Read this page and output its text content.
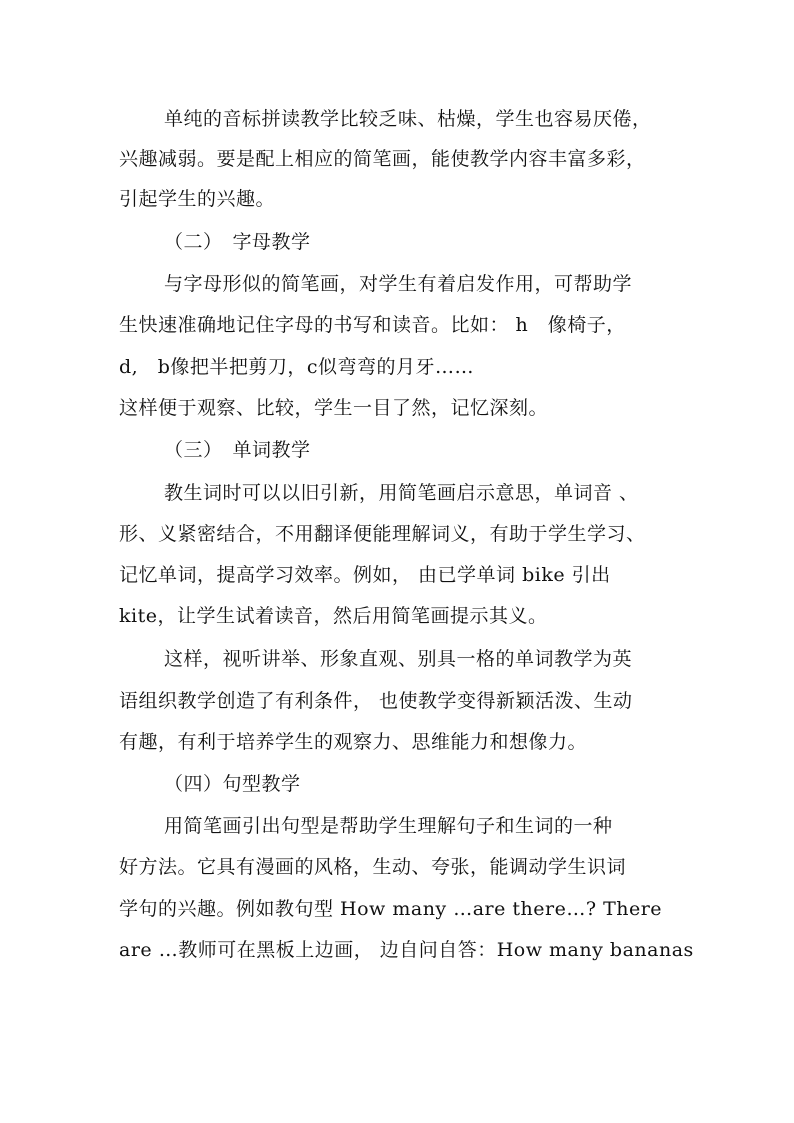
单纯的音标拼读教学比较乏味、枯燥，学生也容易厌倦，
兴趣减弱。要是配上相应的简笔画，能使教学内容丰富多彩，
引起学生的兴趣。
（二）　字母教学
与字母形似的简笔画，对学生有着启发作用，可帮助学
生快速准确地记住字母的书写和读音。比如： h　像椅子，
d,　b像把半把剪刀，c似弯弯的月牙……
这样便于观察、比较，学生一目了然，记忆深刻。
（三）　单词教学
教生词时可以以旧引新，用简笔画启示意思，单词音 、
形、义紧密结合，不用翻译便能理解词义，有助于学生学习、
记忆单词，提高学习效率。例如， 由已学单词 bike 引出
kite，让学生试着读音，然后用简笔画提示其义。
这样，视听讲举、形象直观、别具一格的单词教学为英
语组织教学创造了有利条件， 也使教学变得新颖活泼、生动
有趣，有利于培养学生的观察力、思维能力和想像力。
（四）句型教学
用简笔画引出句型是帮助学生理解句子和生词的一种
好方法。它具有漫画的风格，生动、夸张，能调动学生识词
学句的兴趣。例如教句型 How many …are there…? There
are …教师可在黑板上边画， 边自问自答：How many bananas
